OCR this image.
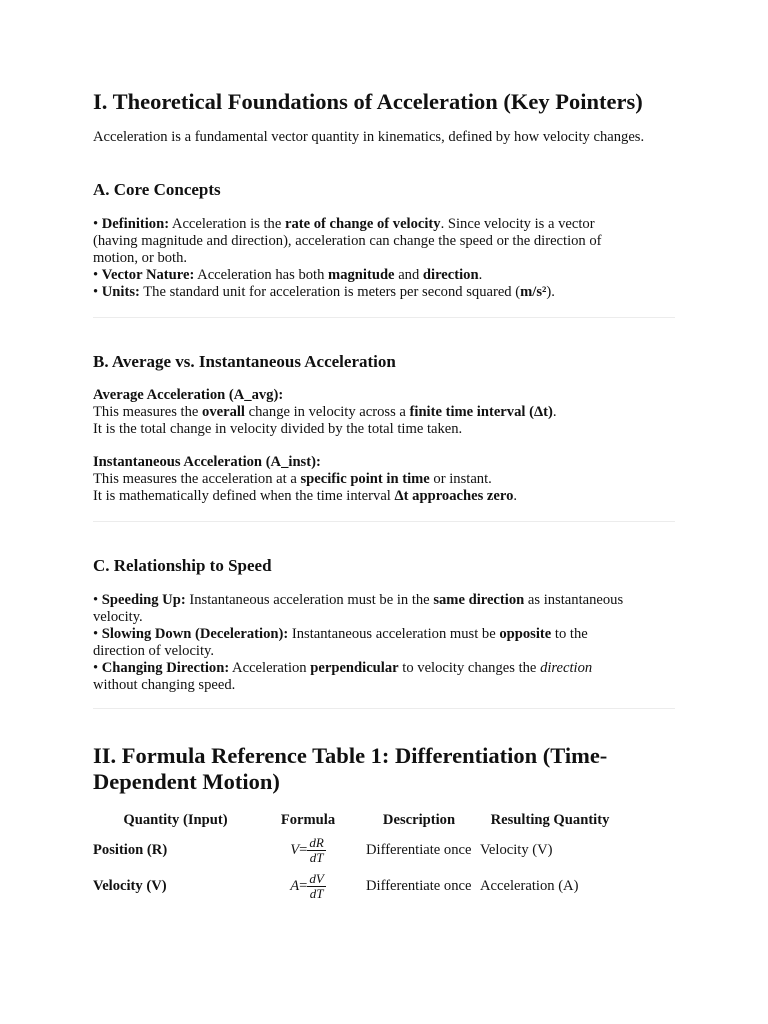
I. Theoretical Foundations of Acceleration (Key Pointers)

Acceleration is a fundamental vector quantity in kinematics, defined by how velocity changes.

A. Core Concepts
• Definition: Acceleration is the rate of change of velocity. Since velocity is a vector
(having magnitude and direction), acceleration can change the speed or the direction of
motion, or both.
• Vector Nature: Acceleration has both magnitude and direction.
• Units: The standard unit for acceleration is meters per second squared (m/s²).
B. Average vs. Instantaneous Acceleration
Average Acceleration (A_avg):
This measures the overall change in velocity across a finite time interval (Δt).
It is the total change in velocity divided by the total time taken.
Instantaneous Acceleration (A_inst):
This measures the acceleration at a specific point in time or instant.
It is mathematically defined when the time interval Δt approaches zero.
C. Relationship to Speed
• Speeding Up: Instantaneous acceleration must be in the same direction as instantaneous
velocity.
• Slowing Down (Deceleration): Instantaneous acceleration must be opposite to the
direction of velocity.
• Changing Direction: Acceleration perpendicular to velocity changes the direction
without changing speed.
II. Formula Reference Table 1: Differentiation (Time-
Dependent Motion)
Quantity (Input)	Formula	Description	Resulting Quantity
Position (R)	$V= \frac{dR}{dT}$	Differentiate once	Velocity (V)
Velocity (V)	$A= \frac{dV}{dT}$	Differentiate once	Acceleration (A)
